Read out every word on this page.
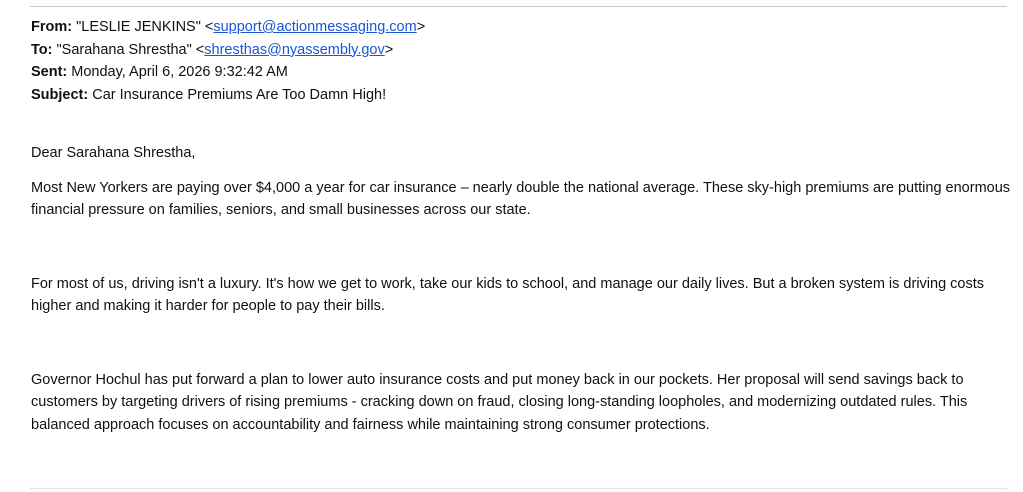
From: "LESLIE JENKINS" <support@actionmessaging.com>
To: "Sarahana Shrestha" <shresthas@nyassembly.gov>
Sent: Monday, April 6, 2026 9:32:42 AM
Subject: Car Insurance Premiums Are Too Damn High!

Dear Sarahana Shrestha,

Most New Yorkers are paying over $4,000 a year for car insurance – nearly double the national average. These sky-high premiums are putting enormous financial pressure on families, seniors, and small businesses across our state.

For most of us, driving isn't a luxury. It's how we get to work, take our kids to school, and manage our daily lives. But a broken system is driving costs higher and making it harder for people to pay their bills.

Governor Hochul has put forward a plan to lower auto insurance costs and put money back in our pockets. Her proposal will send savings back to customers by targeting drivers of rising premiums - cracking down on fraud, closing long-standing loopholes, and modernizing outdated rules. This balanced approach focuses on accountability and fairness while maintaining strong consumer protections.
